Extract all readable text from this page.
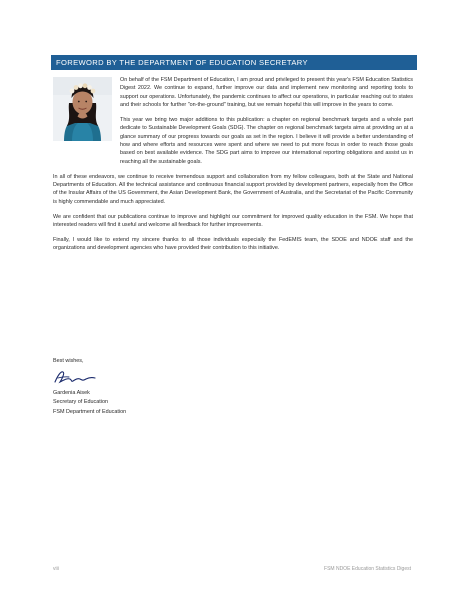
FOREWORD BY THE DEPARTMENT OF EDUCATION SECRETARY

On behalf of the FSM Department of Education, I am proud and privileged to present this year's FSM Education Statistics Digest 2022. We continue to expand, further improve our data and implement new monitoring and reporting tools to support our operations. Unfortunately, the pandemic continues to affect our operations, in particular reaching out to states and their schools for further "on-the-ground" training, but we remain hopeful this will improve in the years to come.

This year we bring two major additions to this publication: a chapter on regional benchmark targets and a whole part dedicate to Sustainable Development Goals (SDG). The chapter on regional benchmark targets aims at providing an at a glance summary of our progress towards our goals as set in the region. I believe it will provide a better understanding of how and where efforts and resources were spent and where we need to put more focus in order to reach those goals based on best available evidence. The SDG part aims to improve our international reporting obligations and assist us in reaching all the sustainable goals.

In all of these endeavors, we continue to receive tremendous support and collaboration from my fellow colleagues, both at the State and National Departments of Education. All the technical assistance and continuous financial support provided by development partners, especially from the Office of the Insular Affairs of the US Government, the Asian Development Bank, the Government of Australia, and the Secretariat of the Pacific Community is highly commendable and much appreciated.

We are confident that our publications continue to improve and highlight our commitment for improved quality education in the FSM. We hope that interested readers will find it useful and welcome all feedback for further improvements.

Finally, I would like to extend my sincere thanks to all those individuals especially the FedEMIS team, the SDOE and NDOE staff and the organizations and development agencies who have provided their contribution to this initiative.

Best wishes,
Gardenia Aisek
Secretary of Education
FSM Department of Education
viii	FSM NDOE Education Statistics Digest
